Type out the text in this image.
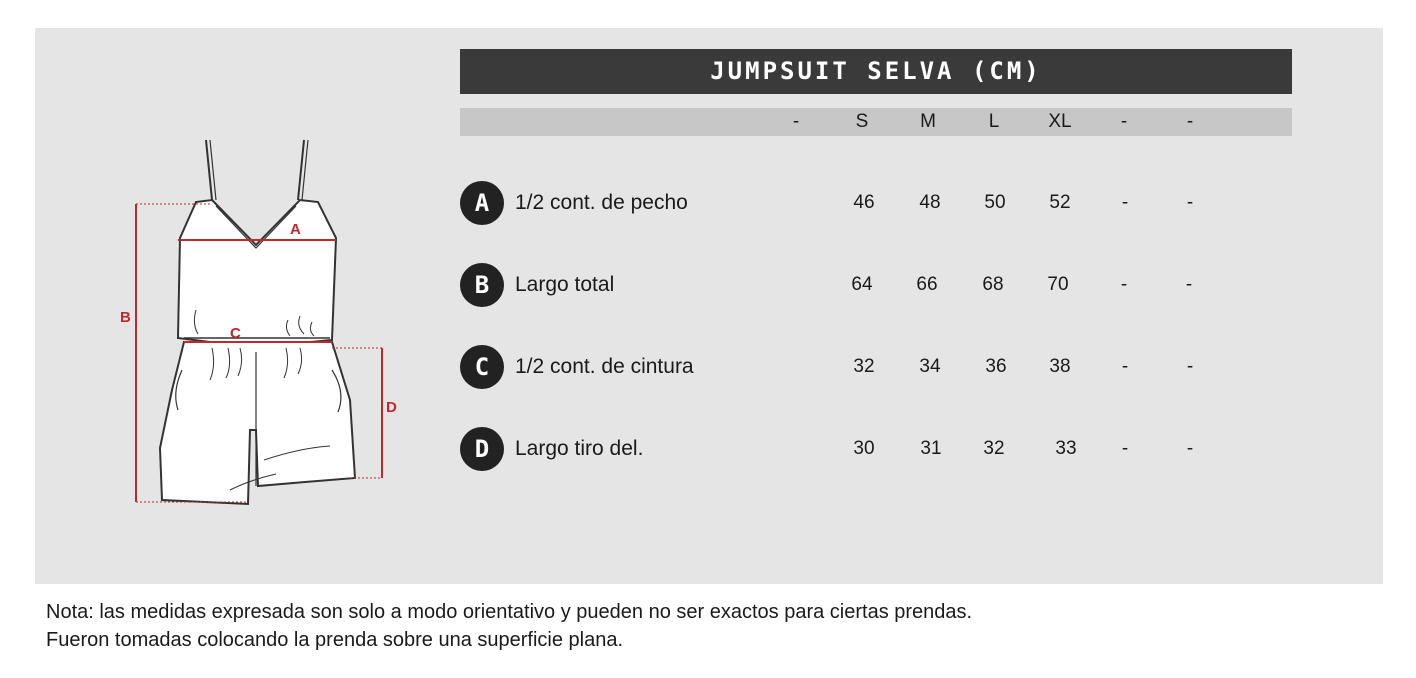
A
B
C
D
JUMPSUIT SELVA (CM)
-	S	M	L	XL	-	-
A	1/2 cont. de pecho	46	48	50	52	-	-
B	Largo total	64	66	68	70	-	-
C	1/2 cont. de cintura	32	34	36	38	-	-
D	Largo tiro del.	30	31	32	33	-	-
Nota: las medidas expresada son solo a modo orientativo y pueden no ser exactos para ciertas prendas.
Fueron tomadas colocando la prenda sobre una superficie plana.
